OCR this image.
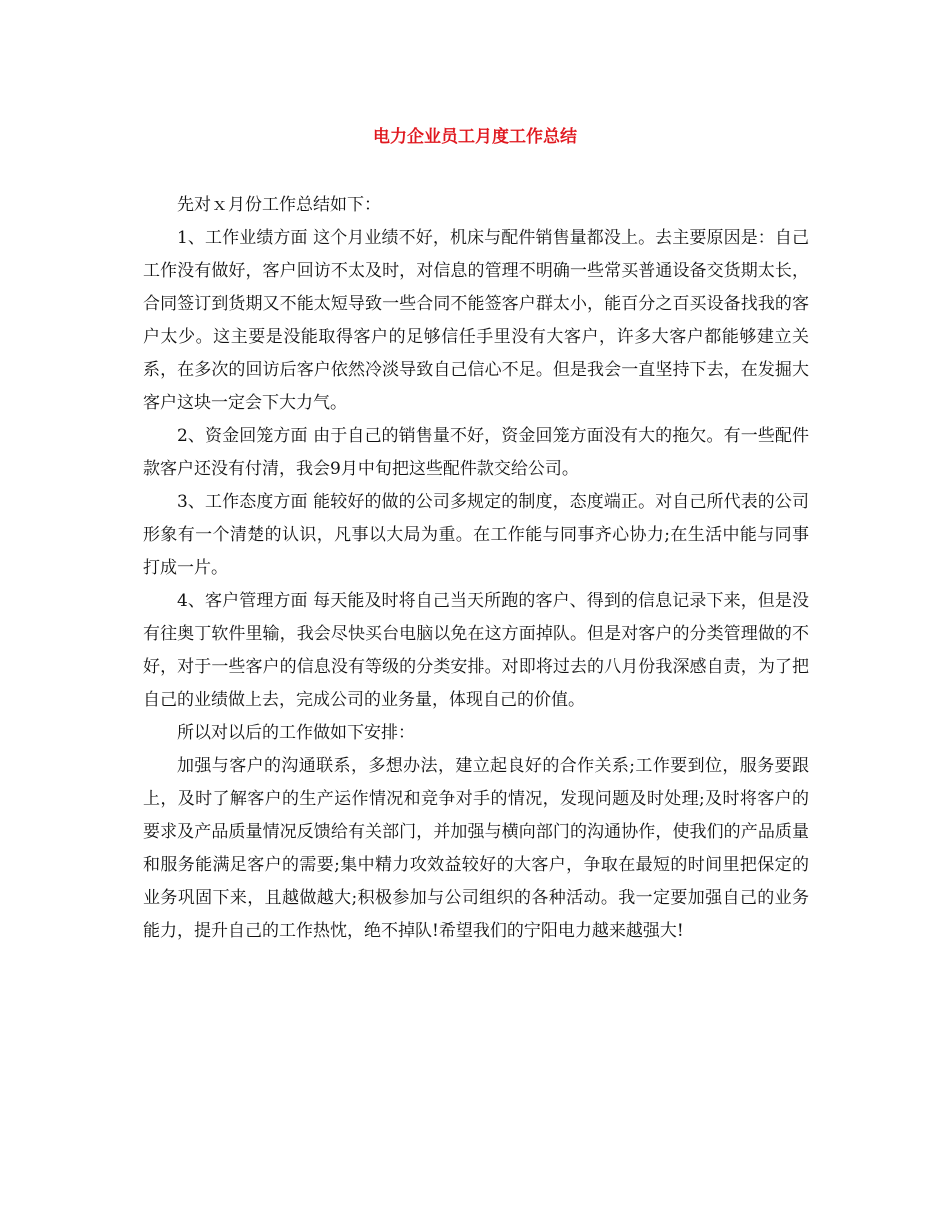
电力企业员工月度工作总结

先对ｘ月份工作总结如下：

1、工作业绩方面 这个月业绩不好，机床与配件销售量都没上。去主要原因是：自己工作没有做好，客户回访不太及时，对信息的管理不明确一些常买普通设备交货期太长，合同签订到货期又不能太短导致一些合同不能签客户群太小，能百分之百买设备找我的客户太少。这主要是没能取得客户的足够信任手里没有大客户，许多大客户都能够建立关系，在多次的回访后客户依然冷淡导致自己信心不足。但是我会一直坚持下去，在发掘大客户这块一定会下大力气。

2、资金回笼方面 由于自己的销售量不好，资金回笼方面没有大的拖欠。有一些配件款客户还没有付清，我会9月中旬把这些配件款交给公司。

3、工作态度方面 能较好的做的公司多规定的制度，态度端正。对自己所代表的公司形象有一个清楚的认识，凡事以大局为重。在工作能与同事齐心协力;在生活中能与同事打成一片。

4、客户管理方面 每天能及时将自己当天所跑的客户、得到的信息记录下来，但是没有往奥丁软件里输，我会尽快买台电脑以免在这方面掉队。但是对客户的分类管理做的不好，对于一些客户的信息没有等级的分类安排。对即将过去的八月份我深感自责，为了把自己的业绩做上去，完成公司的业务量，体现自己的价值。

所以对以后的工作做如下安排：

加强与客户的沟通联系，多想办法，建立起良好的合作关系;工作要到位，服务要跟上，及时了解客户的生产运作情况和竞争对手的情况，发现问题及时处理;及时将客户的要求及产品质量情况反馈给有关部门，并加强与横向部门的沟通协作，使我们的产品质量和服务能满足客户的需要;集中精力攻效益较好的大客户，争取在最短的时间里把保定的业务巩固下来，且越做越大;积极参加与公司组织的各种活动。我一定要加强自己的业务能力，提升自己的工作热忱，绝不掉队!希望我们的宁阳电力越来越强大!
